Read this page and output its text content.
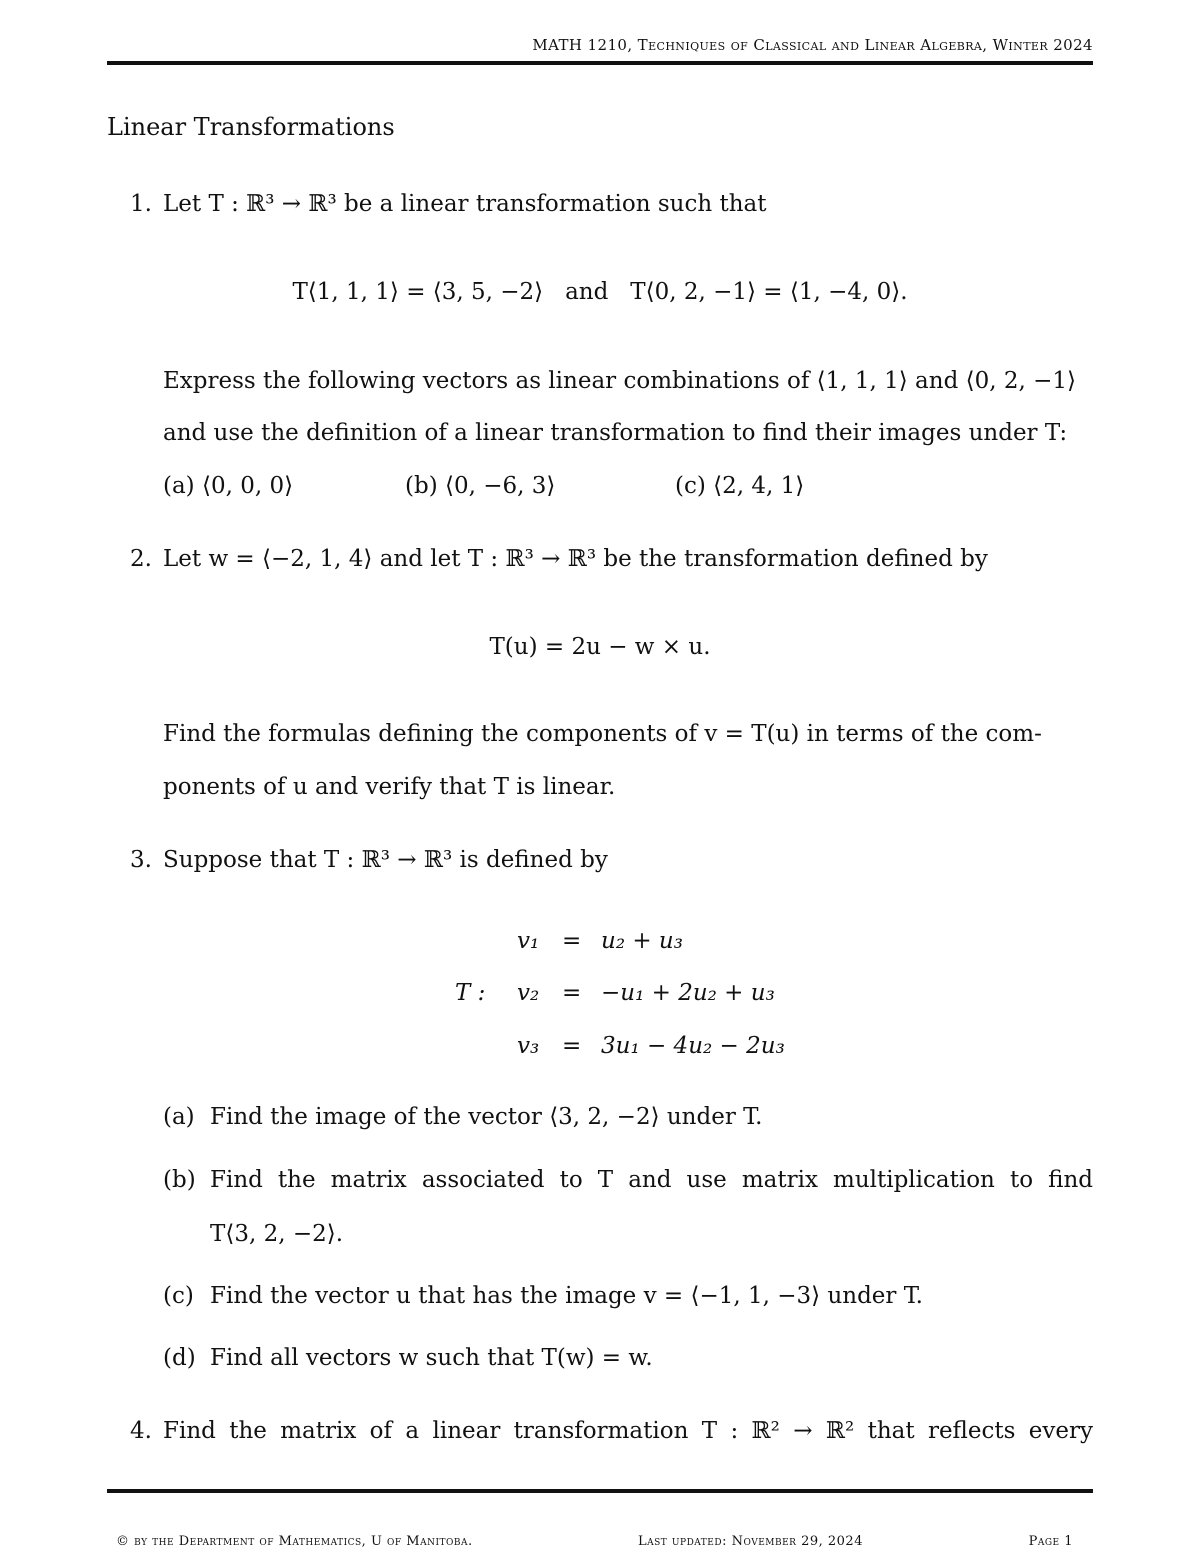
MATH 1210, Techniques of Classical and Linear Algebra, Winter 2024
Linear Transformations
1. Let T : ℝ³ → ℝ³ be a linear transformation such that
T⟨1, 1, 1⟩ = ⟨3, 5, −2⟩   and   T⟨0, 2, −1⟩ = ⟨1, −4, 0⟩.
Express the following vectors as linear combinations of ⟨1, 1, 1⟩ and ⟨0, 2, −1⟩
and use the definition of a linear transformation to find their images under T:
(a) ⟨0, 0, 0⟩	(b) ⟨0, −6, 3⟩	(c) ⟨2, 4, 1⟩
2. Let w = ⟨−2, 1, 4⟩ and let T : ℝ³ → ℝ³ be the transformation defined by
T(u) = 2u − w × u.
Find the formulas defining the components of v = T(u) in terms of the com-
ponents of u and verify that T is linear.
3. Suppose that T : ℝ³ → ℝ³ is defined by
T :
v₁ = u₂ + u₃
v₂ = −u₁ + 2u₂ + u₃
v₃ = 3u₁ − 4u₂ − 2u₃
(a) Find the image of the vector ⟨3, 2, −2⟩ under T.
(b) Find the matrix associated to T and use matrix multiplication to find
T⟨3, 2, −2⟩.
(c) Find the vector u that has the image v = ⟨−1, 1, −3⟩ under T.
(d) Find all vectors w such that T(w) = w.
4. Find the matrix of a linear transformation T : ℝ² → ℝ² that reflects every
© by the Department of Mathematics, U of Manitoba.	Last updated: November 29, 2024	Page 1
